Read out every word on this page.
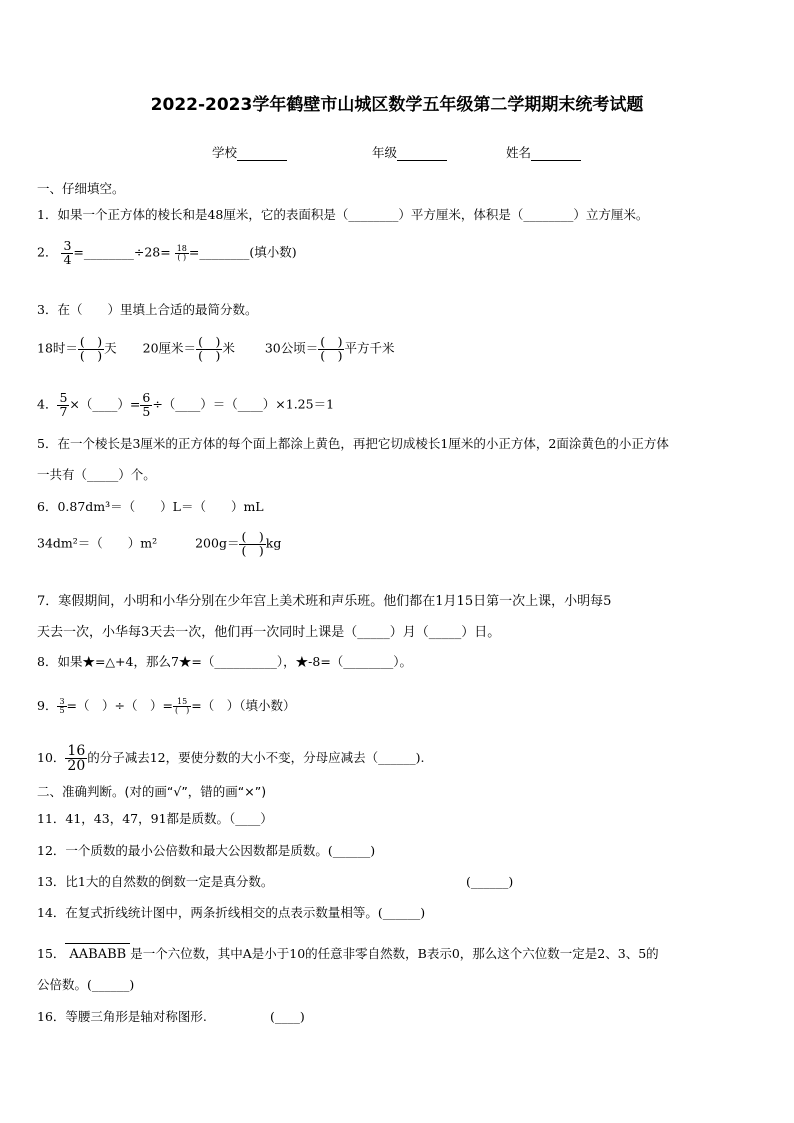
2022-2023学年鹤壁市山城区数学五年级第二学期期末统考试题
学校	年级	姓名
一、仔细填空。
1．如果一个正方体的棱长和是48厘米，它的表面积是（________）平方厘米，体积是（________）立方厘米。
2． $\frac{3}{4}$ =________÷28= $\frac{18}{( )}$ =________(填小数)
3．在（　　）里填上合适的最简分数。
18时＝ $\frac{( )}{( )}$ 天 20厘米＝ $\frac{( )}{( )}$ 米 30公顷＝ $\frac{( )}{( )}$ 平方千米
4． $\frac{5}{7}$ ×（____）= $\frac{6}{5}$ ÷（____）＝（____）×1.25＝1
5．在一个棱长是3厘米的正方体的每个面上都涂上黄色，再把它切成棱长1厘米的小正方体，2面涂黄色的小正方体
一共有（_____）个。
6．0.87dm³＝（　　）L＝（　　）mL
34dm²＝（　　）m²	$200g= \frac{( )}{( )}$ kg
7．寒假期间，小明和小华分别在少年宫上美术班和声乐班。他们都在1月15日第一次上课，小明每5
天去一次，小华每3天去一次，他们再一次同时上课是（_____）月（_____）日。
8．如果★=△+4，那么7★=（__________），★-8=（________）。
9． $\frac{3}{5}$ =（　）÷（　）= $\frac{15}{( )}$ =（　）（填小数）
10． $\frac{16}{20}$ 的分子减去12，要使分数的大小不变，分母应减去（______).
二、准确判断。(对的画“√”，错的画“×”)
11．41，43，47，91都是质数。（____）
12．一个质数的最小公倍数和最大公因数都是质数。(______)
13．比1大的自然数的倒数一定是真分数。	(______)
14．在复式折线统计图中，两条折线相交的点表示数量相等。(______)
15． AABABB 是一个六位数，其中A是小于10的任意非零自然数，B表示0，那么这个六位数一定是2、3、5的
公倍数。(______)
16．等腰三角形是轴对称图形.	(____)
